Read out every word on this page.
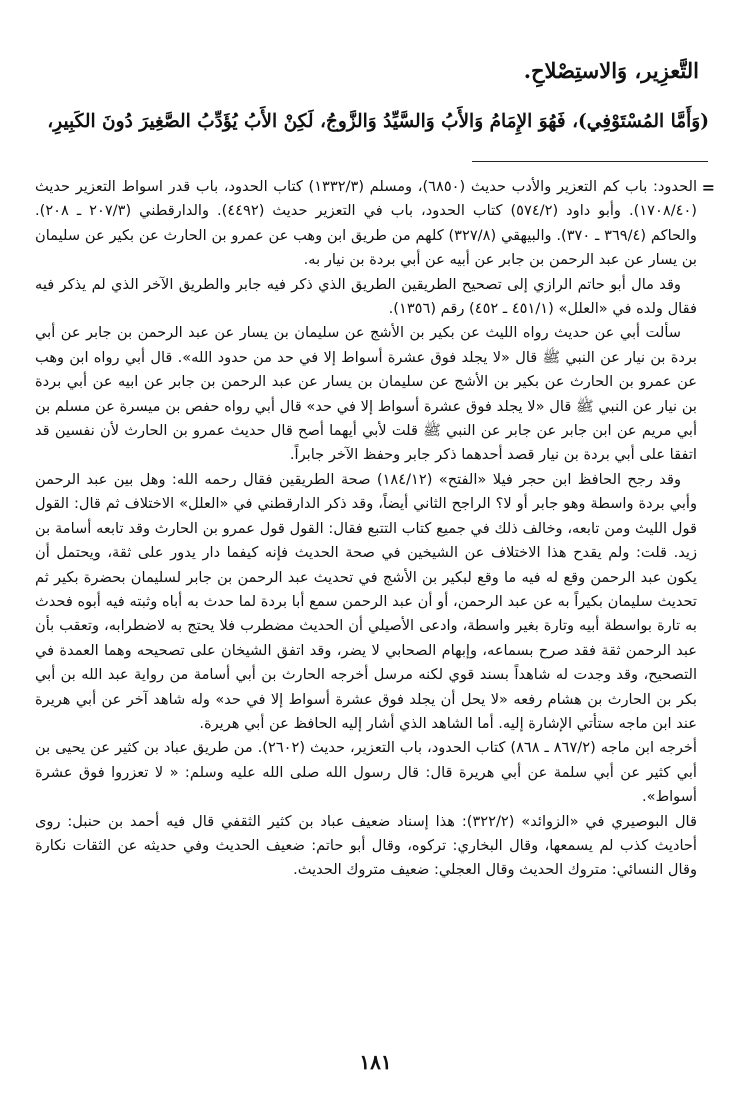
التَّعزِير، وَالاستِصْلاحِ.
(وَأَمَّا المُسْتَوْفِي)، فَهُوَ الإِمَامُ وَالأَبُ وَالسَّيِّدُ وَالزَّوجُ، لَكِنْ الأَبُ يُؤَدِّبُ الصَّغِيرَ دُونَ الكَبِيرِ،
=

الحدود: باب كم التعزير والأدب حديث (٦٨٥٠)، ومسلم (١٣٣٢/٣) كتاب الحدود، باب قدر اسواط التعزير حديث (١٧٠٨/٤٠). وأبو داود (٥٧٤/٢) كتاب الحدود، باب في التعزير حديث (٤٤٩٢). والدارقطني (٢٠٧/٣ ـ ٢٠٨). والحاكم (٣٦٩/٤ ـ ٣٧٠). والبيهقي (٣٢٧/٨) كلهم من طريق ابن وهب عن عمرو بن الحارث عن بكير عن سليمان بن يسار عن عبد الرحمن بن جابر عن أبيه عن أبي بردة بن نيار به.

وقد مال أبو حاتم الرازي إلى تصحيح الطريقين الطريق الذي ذكر فيه جابر والطريق الآخر الذي لم يذكر فيه فقال ولده في «العلل» (٤٥١/١ ـ ٤٥٢) رقم (١٣٥٦).

سألت أبي عن حديث رواه الليث عن بكير بن الأشج عن سليمان بن يسار عن عبد الرحمن بن جابر عن أبي بردة بن نيار عن النبي ﷺ قال «لا يجلد فوق عشرة أسواط إلا في حد من حدود الله». قال أبي رواه ابن وهب عن عمرو بن الحارث عن بكير بن الأشج عن سليمان بن يسار عن عبد الرحمن بن جابر عن ابيه عن أبي بردة بن نيار عن النبي ﷺ قال «لا يجلد فوق عشرة أسواط إلا في حد» قال أبي رواه حفص بن ميسرة عن مسلم بن أبي مريم عن ابن جابر عن جابر عن النبي ﷺ قلت لأبي أيهما أصح قال حديث عمرو بن الحارث لأن نفسين قد اتفقا على أبي بردة بن نيار قصد أحدهما ذكر جابر وحفظ الآخر جابراً.

وقد رجح الحافظ ابن حجر فيلا «الفتح» (١٨٤/١٢) صحة الطريقين فقال رحمه الله: وهل بين عبد الرحمن وأبي بردة واسطة وهو جابر أو لا؟ الراجح الثاني أيضاً، وقد ذكر الدارقطني في «العلل» الاختلاف ثم قال: القول قول الليث ومن تابعه، وخالف ذلك في جميع كتاب التتبع فقال: القول قول عمرو بن الحارث وقد تابعه أسامة بن زيد. قلت: ولم يقدح هذا الاختلاف عن الشيخين في صحة الحديث فإنه كيفما دار يدور على ثقة، ويحتمل أن يكون عبد الرحمن وقع له فيه ما وقع لبكير بن الأشج في تحديث عبد الرحمن بن جابر لسليمان بحضرة بكير ثم تحديث سليمان بكيراً به عن عبد الرحمن، أو أن عبد الرحمن سمع أبا بردة لما حدث به أباه وثبته فيه أبوه فحدث به تارة بواسطة أبيه وتارة بغير واسطة، وادعى الأصيلي أن الحديث مضطرب فلا يحتج به لاضطرابه، وتعقب بأن عبد الرحمن ثقة فقد صرح بسماعه، وإبهام الصحابي لا يضر، وقد اتفق الشيخان على تصحيحه وهما العمدة في التصحيح، وقد وجدت له شاهداً بسند قوي لكنه مرسل أخرجه الحارث بن أبي أسامة من رواية عبد الله بن أبي بكر بن الحارث بن هشام رفعه «لا يحل أن يجلد فوق عشرة أسواط إلا في حد» وله شاهد آخر عن أبي هريرة عند ابن ماجه ستأتي الإشارة إليه. أما الشاهد الذي أشار إليه الحافظ عن أبي هريرة.

أخرجه ابن ماجه (٨٦٧/٢ ـ ٨٦٨) كتاب الحدود، باب التعزير، حديث (٢٦٠٢). من طريق عباد بن كثير عن يحيى بن أبي كثير عن أبي سلمة عن أبي هريرة قال: قال رسول الله صلى الله عليه وسلم: « لا تعزروا فوق عشرة أسواط».

قال البوصيري في «الزوائد» (٣٢٢/٢): هذا إسناد ضعيف عباد بن كثير الثقفي قال فيه أحمد بن حنبل: روى أحاديث كذب لم يسمعها، وقال البخاري: تركوه، وقال أبو حاتم: ضعيف الحديث وفي حديثه عن الثقات نكارة وقال النسائي: متروك الحديث وقال العجلي: ضعيف متروك الحديث.

١٨١
